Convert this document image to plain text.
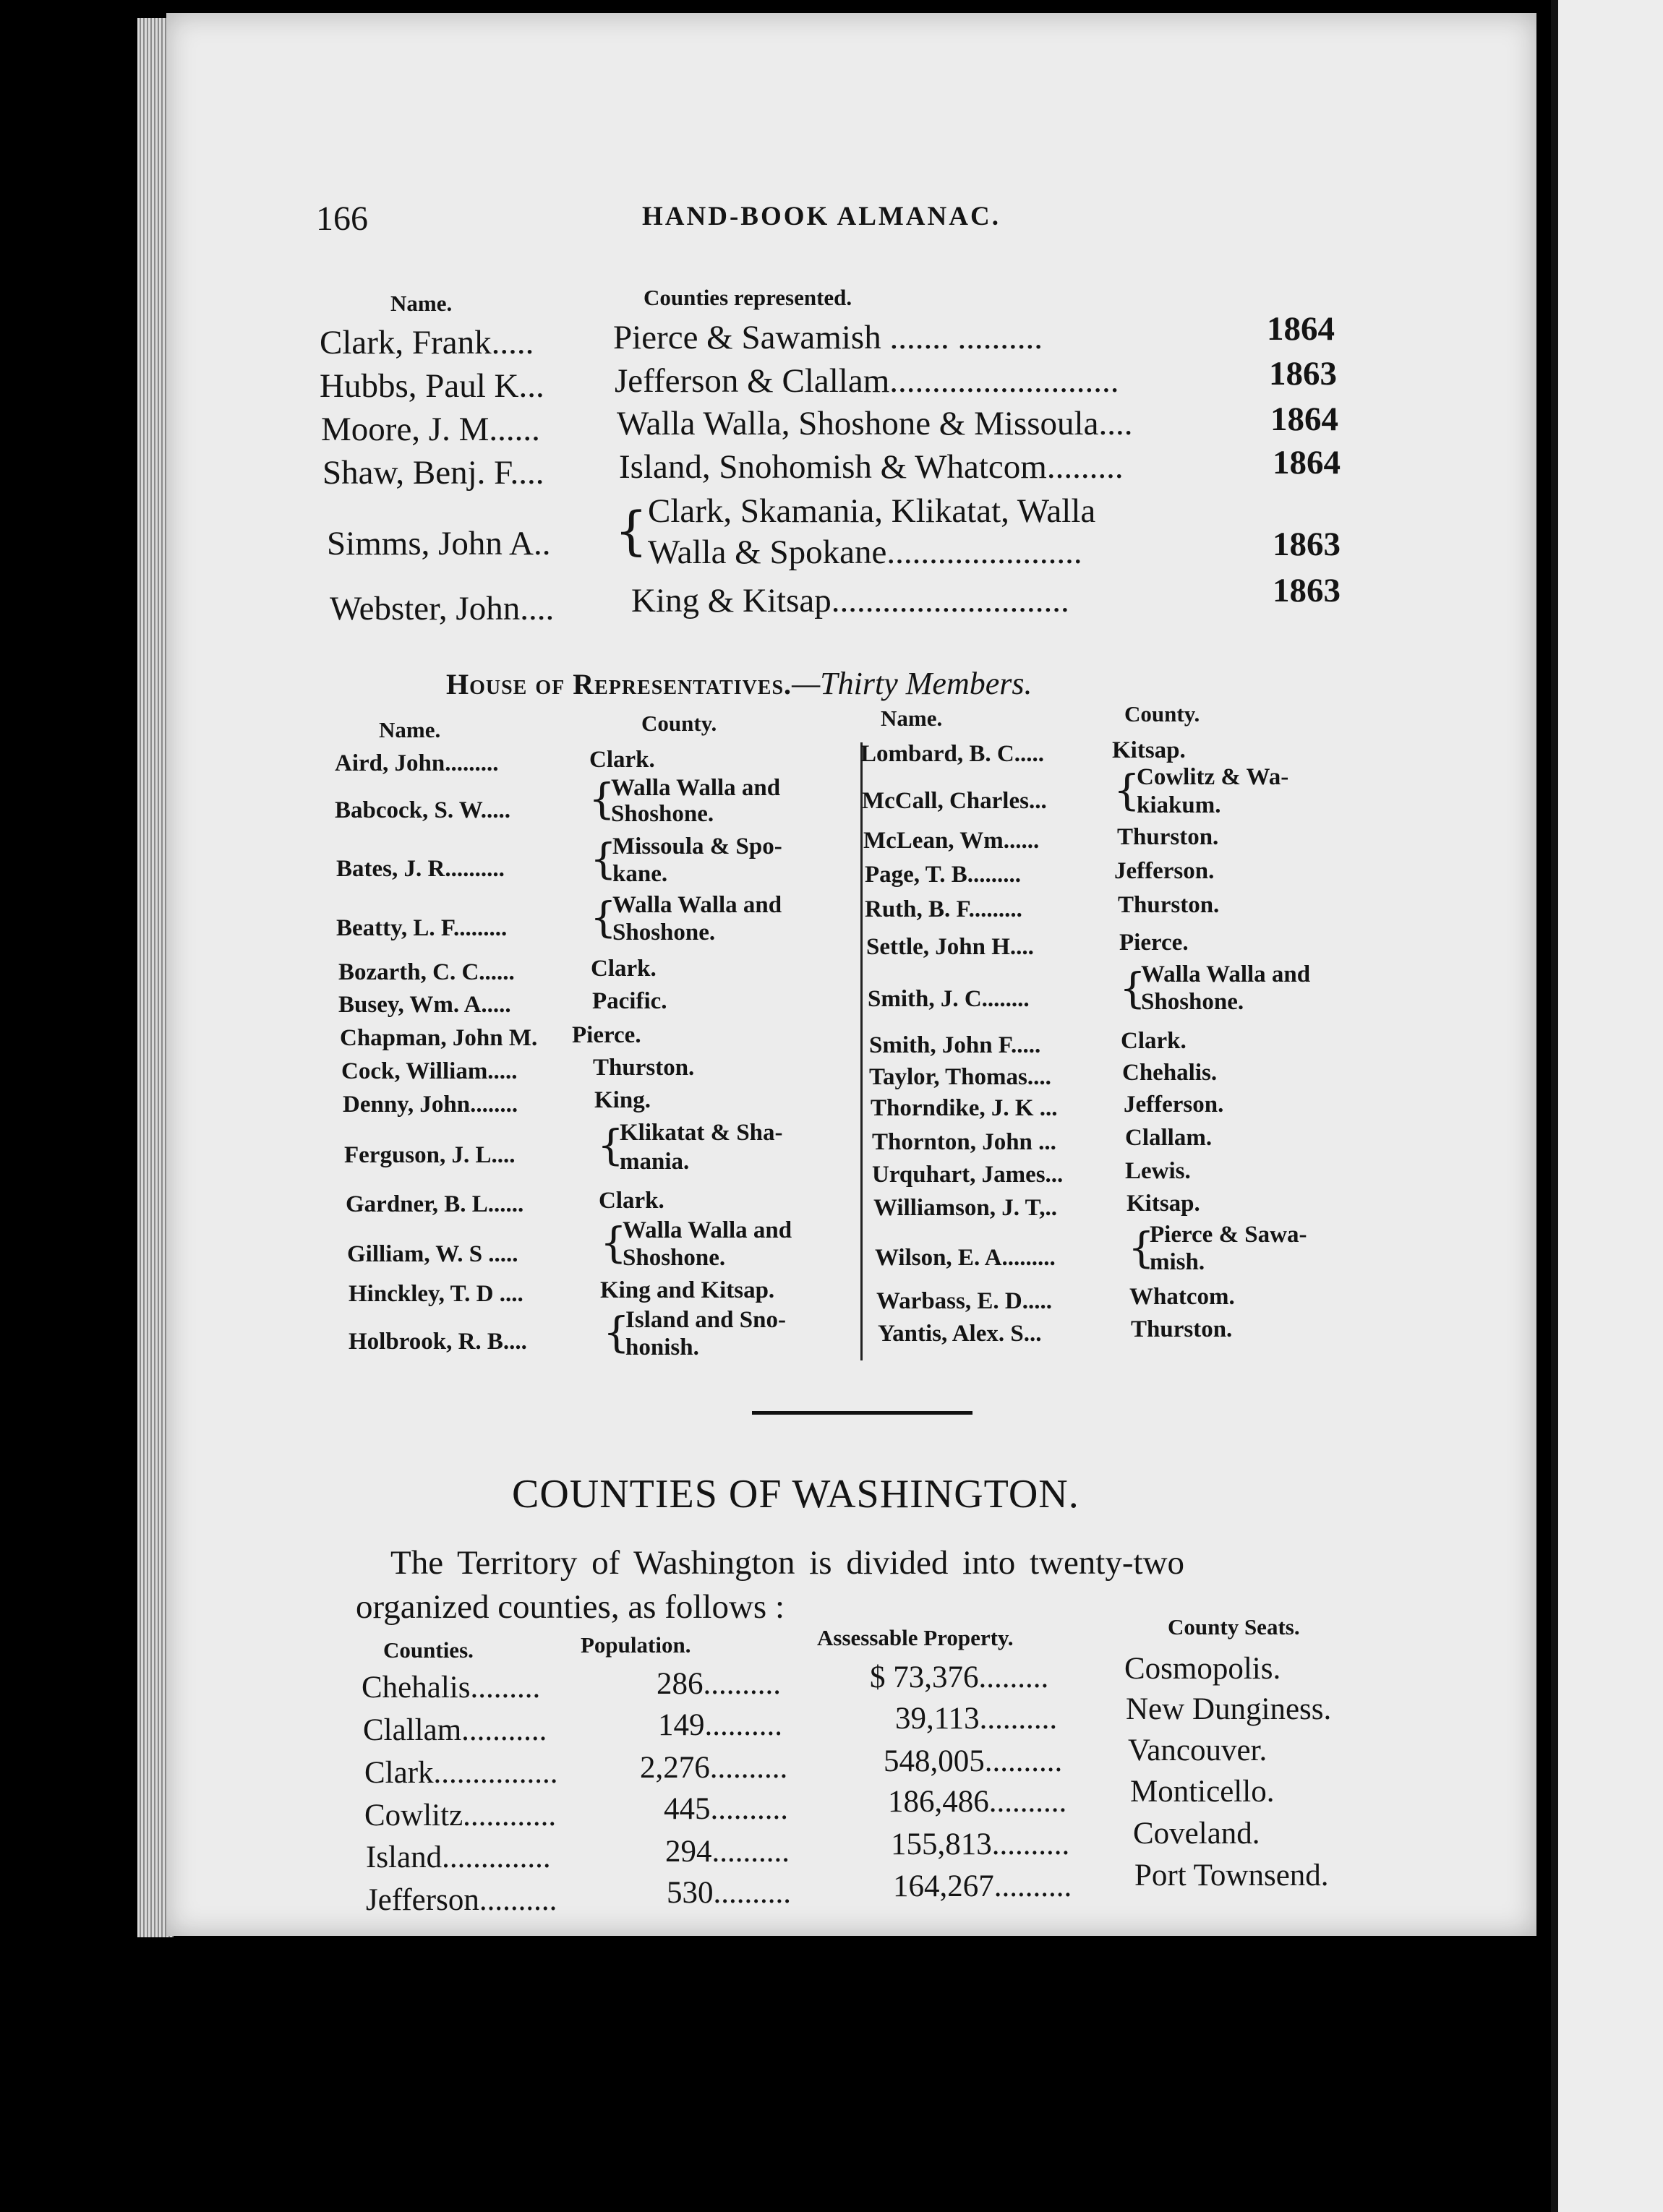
166	HAND-BOOK ALMANAC.
Name.	Counties represented.
Clark, Frank..... Pierce & Sawamish ....... ..........	1864
Hubbs, Paul K... Jefferson & Clallam...........................	1863
Moore, J. M...... Walla Walla, Shoshone & Missoula....	1864
Shaw, Benj. F.... Island, Snohomish & Whatcom.........	1864
Simms, John A.. { Clark, Skamania, Klikatat, Walla
Walla & Spokane.......................	1863
Webster, John.... King & Kitsap............................	1863
House of Representatives.—Thirty Members.
Name.	County.	Name.	County.
Aird, John.........	Clark.
Babcock, S. W..... {
Walla Walla and
Shoshone.
Bates, J. R.......... {
Missoula & Spo-
kane.
Beatty, L. F......... {
Walla Walla and
Shoshone.
Bozarth, C. C......	Clark.
Busey, Wm. A.....	Pacific.
Chapman, John M. Pierce.
Cock, William.....	Thurston.
Denny, John........	King.
Ferguson, J. L.... {
Klikatat & Sha-
mania.
Gardner, B. L......	Clark.
Gilliam, W. S ..... {
Walla Walla and
Shoshone.
Hinckley, T. D ....	King and Kitsap.
Holbrook, R. B.... {
Island and Sno-
honish.
Lombard, B. C.....	Kitsap.
McCall, Charles... {
Cowlitz & Wa-
kiakum.
McLean, Wm......	Thurston.
Page, T. B.........	Jefferson.
Ruth, B. F.........	Thurston.
Settle, John H....	Pierce.
Smith, J. C........ {
Walla Walla and
Shoshone.
Smith, John F.....	Clark.
Taylor, Thomas....	Chehalis.
Thorndike, J. K ...	Jefferson.
Thornton, John ...	Clallam.
Urquhart, James...	Lewis.
Williamson, J. T,..	Kitsap.
Wilson, E. A......... {
Pierce & Sawa-
mish.
Warbass, E. D.....	Whatcom.
Yantis, Alex. S...	Thurston.
COUNTIES OF WASHINGTON.
The Territory of Washington is divided into twenty-two
organized counties, as follows :
Counties.	Population.	Assessable Property.	County Seats.
Chehalis.........	286..........	$ 73,376......... Cosmopolis.
Clallam...........	149..........	39,113.......... New Dunginess.
Clark................	2,276..........	548,005.......... Vancouver.
Cowlitz............	445..........	186,486.......... Monticello.
Island..............	294..........	155,813.......... Coveland.
Jefferson..........	530..........	164,267.......... Port Townsend.
